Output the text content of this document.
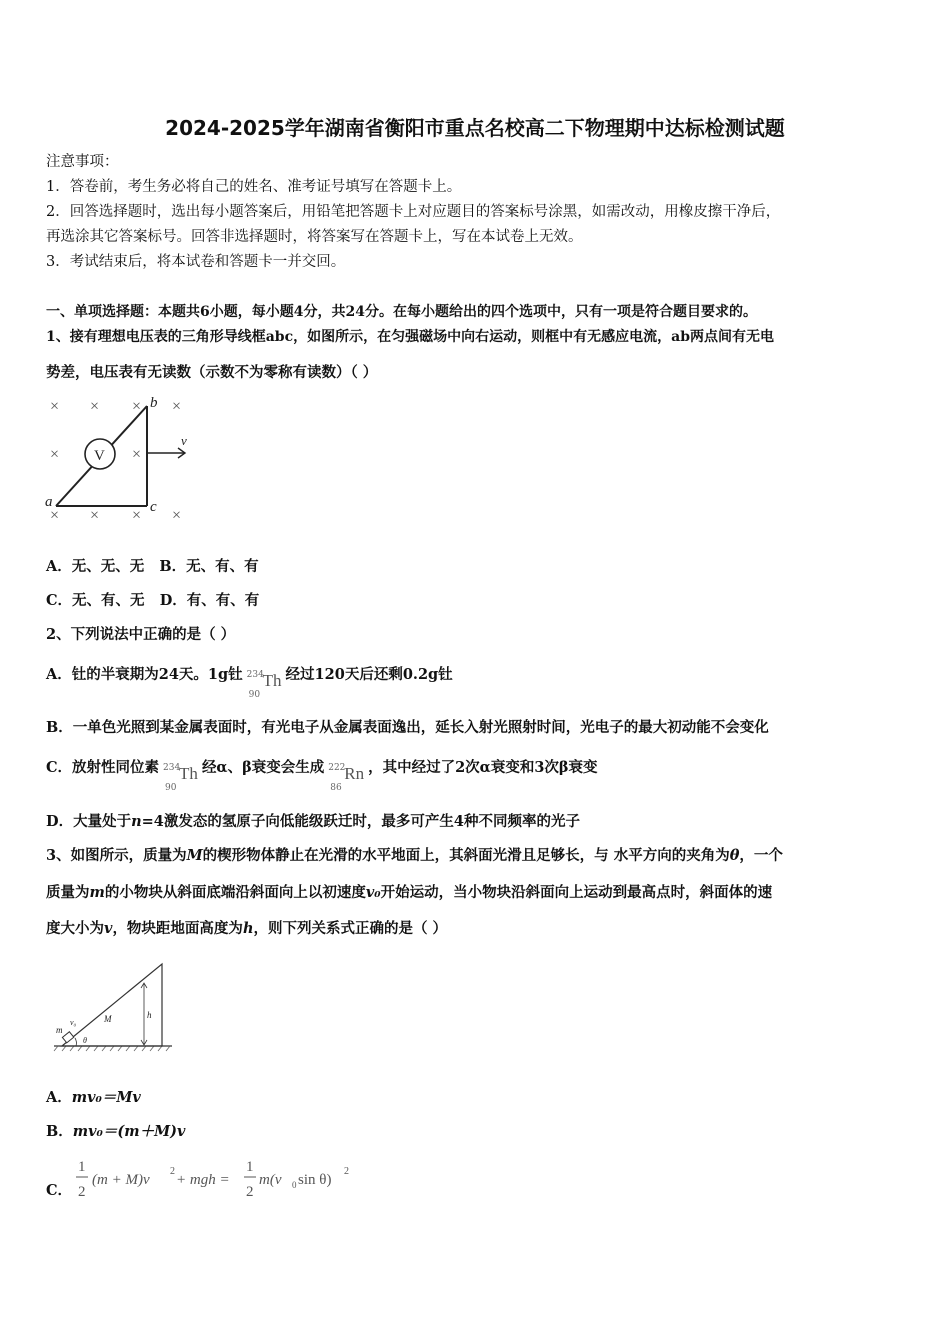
2024-2025学年湖南省衡阳市重点名校高二下物理期中达标检测试题
注意事项：
1．答卷前，考生务必将自己的姓名、准考证号填写在答题卡上。
2．回答选择题时，选出每小题答案后，用铅笔把答题卡上对应题目的答案标号涂黑，如需改动，用橡皮擦干净后，
再选涂其它答案标号。回答非选择题时，将答案写在答题卡上，写在本试卷上无效。
3．考试结束后，将本试卷和答题卡一并交回。
一、单项选择题：本题共6小题，每小题4分，共24分。在每小题给出的四个选项中，只有一项是符合题目要求的。
1、接有理想电压表的三角形导线框abc，如图所示，在匀强磁场中向右运动，则框中有无感应电流，ab两点间有无电
势差，电压表有无读数（示数不为零称有读数）（ ）
× × × ×
×	×
× × × ×
V
v
b
a	c
A．无、无、无 B．无、有、有
C．无、有、无 D．有、有、有
2、下列说法中正确的是（ ）
A．钍的半衰期为24天。1g钍 234
90
Th 经过120天后还剩0.2g钍
B．一单色光照到某金属表面时，有光电子从金属表面逸出，延长入射光照射时间，光电子的最大初动能不会变化
C．放射性同位素 234
90
Th 经α、β衰变会生成 222
86
Rn ，其中经过了2次α衰变和3次β衰变
D．大量处于n=4激发态的氢原子向低能级跃迁时，最多可产生4种不同频率的光子
3、如图所示，质量为M的楔形物体静止在光滑的水平地面上，其斜面光滑且足够长，与 水平方向的夹角为θ，一个
质量为m的小物块从斜面底端沿斜面向上以初速度v₀开始运动，当小物块沿斜面向上运动到最高点时，斜面体的速
度大小为v，物块距地面高度为h，则下列关系式正确的是（ ）
m
v₀	M	h
θ
A．mv₀＝Mv
B．mv₀＝(m＋M)v
C．
1
2
(m + M)v
2
+ mgh =
1
2
m(v 0 sin θ)
2
